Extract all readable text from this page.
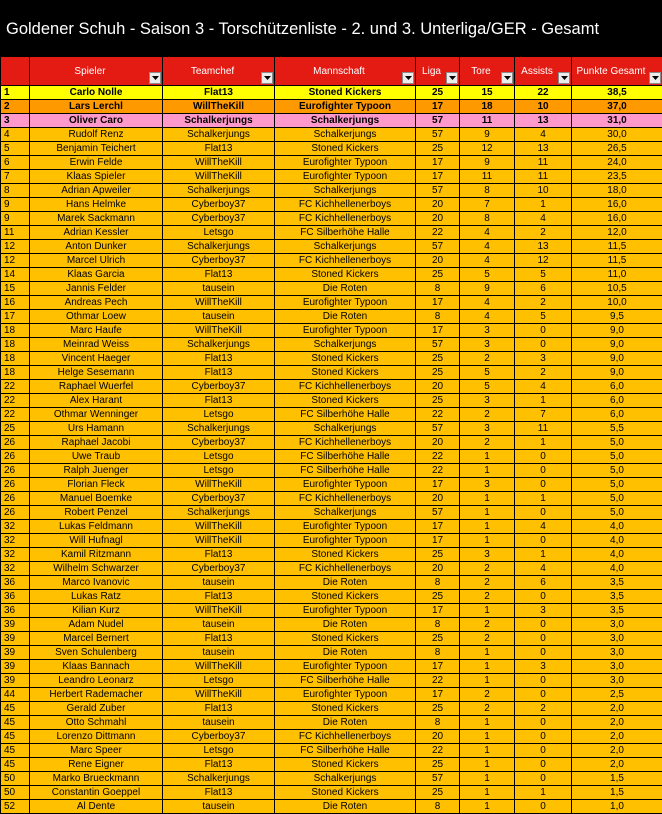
Goldener Schuh - Saison 3 - Torschützenliste - 2. und 3. Unterliga/GER - Gesamt

	Spieler	Teamchef	Mannschaft	Liga	Tore	Assists	Punkte Gesamt

1	Carlo Nolle	Flat13	Stoned Kickers	25	15	22	38,5
2	Lars Lerchl	WillTheKill	Eurofighter Typoon	17	18	10	37,0
3	Oliver Caro	Schalkerjungs	Schalkerjungs	57	11	13	31,0
4	Rudolf Renz	Schalkerjungs	Schalkerjungs	57	9	4	30,0
5	Benjamin Teichert	Flat13	Stoned Kickers	25	12	13	26,5
6	Erwin Felde	WillTheKill	Eurofighter Typoon	17	9	11	24,0
7	Klaas Spieler	WillTheKill	Eurofighter Typoon	17	11	11	23,5
8	Adrian Apweiler	Schalkerjungs	Schalkerjungs	57	8	10	18,0
9	Hans Helmke	Cyberboy37	FC Kichhellenerboys	20	7	1	16,0
9	Marek Sackmann	Cyberboy37	FC Kichhellenerboys	20	8	4	16,0
11	Adrian Kessler	Letsgo	FC Silberhöhe Halle	22	4	2	12,0
12	Anton Dunker	Schalkerjungs	Schalkerjungs	57	4	13	11,5
12	Marcel Ulrich	Cyberboy37	FC Kichhellenerboys	20	4	12	11,5
14	Klaas Garcia	Flat13	Stoned Kickers	25	5	5	11,0
15	Jannis Felder	tausein	Die Roten	8	9	6	10,5
16	Andreas Pech	WillTheKill	Eurofighter Typoon	17	4	2	10,0
17	Othmar Loew	tausein	Die Roten	8	4	5	9,5
18	Marc Haufe	WillTheKill	Eurofighter Typoon	17	3	0	9,0
18	Meinrad Weiss	Schalkerjungs	Schalkerjungs	57	3	0	9,0
18	Vincent Haeger	Flat13	Stoned Kickers	25	2	3	9,0
18	Helge Sesemann	Flat13	Stoned Kickers	25	5	2	9,0
22	Raphael Wuerfel	Cyberboy37	FC Kichhellenerboys	20	5	4	6,0
22	Alex Harant	Flat13	Stoned Kickers	25	3	1	6,0
22	Othmar Wenninger	Letsgo	FC Silberhöhe Halle	22	2	7	6,0
25	Urs Hamann	Schalkerjungs	Schalkerjungs	57	3	11	5,5
26	Raphael Jacobi	Cyberboy37	FC Kichhellenerboys	20	2	1	5,0
26	Uwe Traub	Letsgo	FC Silberhöhe Halle	22	1	0	5,0
26	Ralph Juenger	Letsgo	FC Silberhöhe Halle	22	1	0	5,0
26	Florian Fleck	WillTheKill	Eurofighter Typoon	17	3	0	5,0
26	Manuel Boemke	Cyberboy37	FC Kichhellenerboys	20	1	1	5,0
26	Robert Penzel	Schalkerjungs	Schalkerjungs	57	1	0	5,0
32	Lukas Feldmann	WillTheKill	Eurofighter Typoon	17	1	4	4,0
32	Will Hufnagl	WillTheKill	Eurofighter Typoon	17	1	0	4,0
32	Kamil Ritzmann	Flat13	Stoned Kickers	25	3	1	4,0
32	Wilhelm Schwarzer	Cyberboy37	FC Kichhellenerboys	20	2	4	4,0
36	Marco Ivanovic	tausein	Die Roten	8	2	6	3,5
36	Lukas Ratz	Flat13	Stoned Kickers	25	2	0	3,5
36	Kilian Kurz	WillTheKill	Eurofighter Typoon	17	1	3	3,5
39	Adam Nudel	tausein	Die Roten	8	2	0	3,0
39	Marcel Bernert	Flat13	Stoned Kickers	25	2	0	3,0
39	Sven Schulenberg	tausein	Die Roten	8	1	0	3,0
39	Klaas Bannach	WillTheKill	Eurofighter Typoon	17	1	3	3,0
39	Leandro Leonarz	Letsgo	FC Silberhöhe Halle	22	1	0	3,0
44	Herbert Rademacher	WillTheKill	Eurofighter Typoon	17	2	0	2,5
45	Gerald Zuber	Flat13	Stoned Kickers	25	2	2	2,0
45	Otto Schmahl	tausein	Die Roten	8	1	0	2,0
45	Lorenzo Dittmann	Cyberboy37	FC Kichhellenerboys	20	1	0	2,0
45	Marc Speer	Letsgo	FC Silberhöhe Halle	22	1	0	2,0
45	Rene Eigner	Flat13	Stoned Kickers	25	1	0	2,0
50	Marko Brueckmann	Schalkerjungs	Schalkerjungs	57	1	0	1,5
50	Constantin Goeppel	Flat13	Stoned Kickers	25	1	1	1,5
52	Al Dente	tausein	Die Roten	8	1	0	1,0
